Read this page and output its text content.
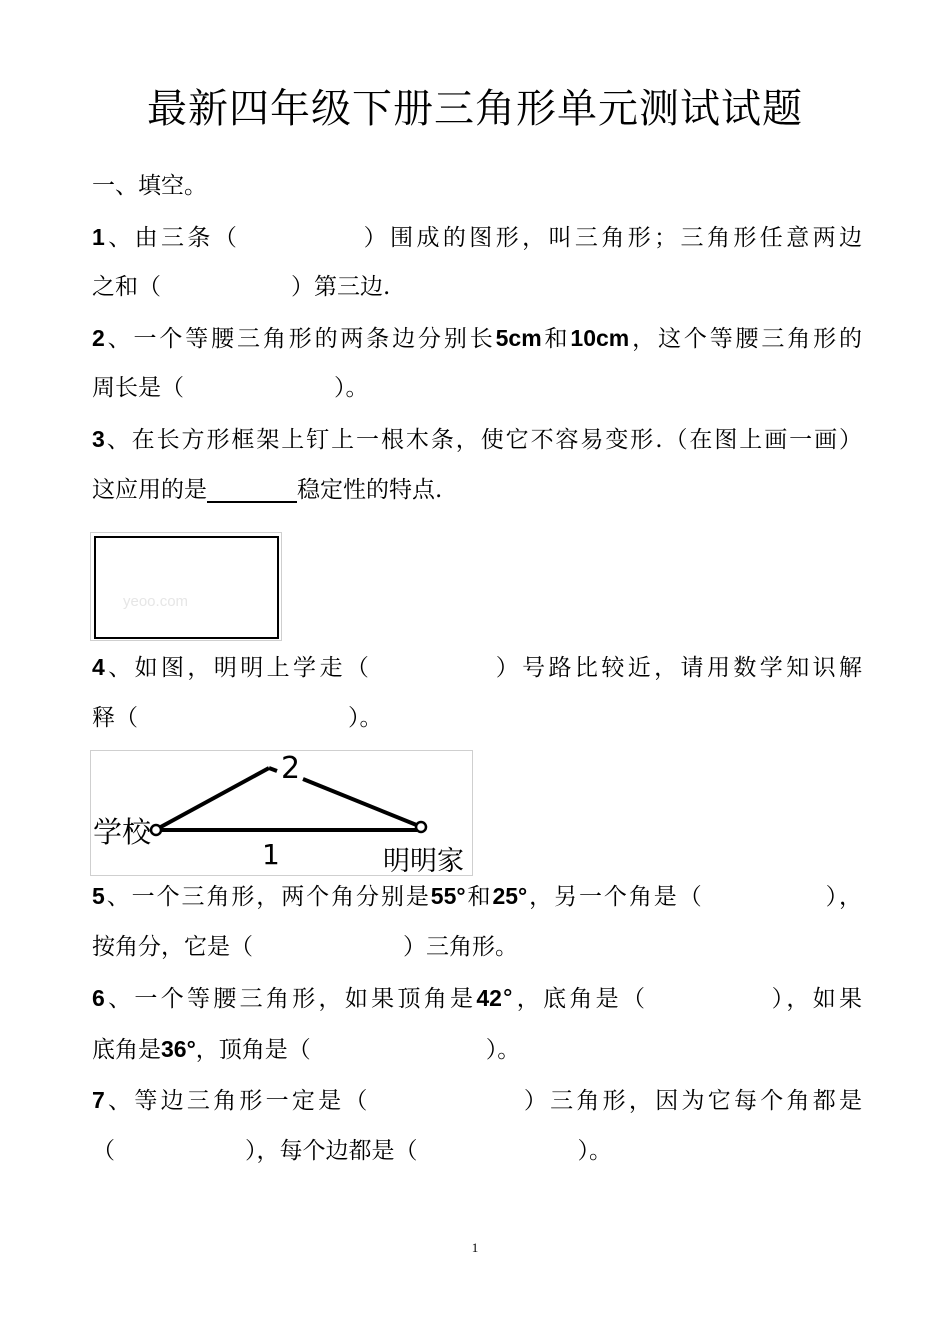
最新四年级下册三角形单元测试试题
一、填空。
1、由三条（	）围成的图形，叫三角形；三角形任意两边
之和（	）第三边.
2、一个等腰三角形的两条边分别长5cm和10cm，这个等腰三角形的
周长是（	）。
3、在长方形框架上钉上一根木条，使它不容易变形.（在图上画一画）
这应用的是	稳定性的特点.
yeoo.com
4、如图，明明上学走（	）号路比较近，请用数学知识解
释（	）。
2
1
学校
明明家
5、一个三角形，两个角分别是55°和25°，另一个角是（	），
按角分，它是（	）三角形。
6、一个等腰三角形，如果顶角是42°，底角是（	），如果
底角是36°，顶角是（	）。
7、等边三角形一定是（	）三角形，因为它每个角都是
（	），每个边都是（	）。
1
